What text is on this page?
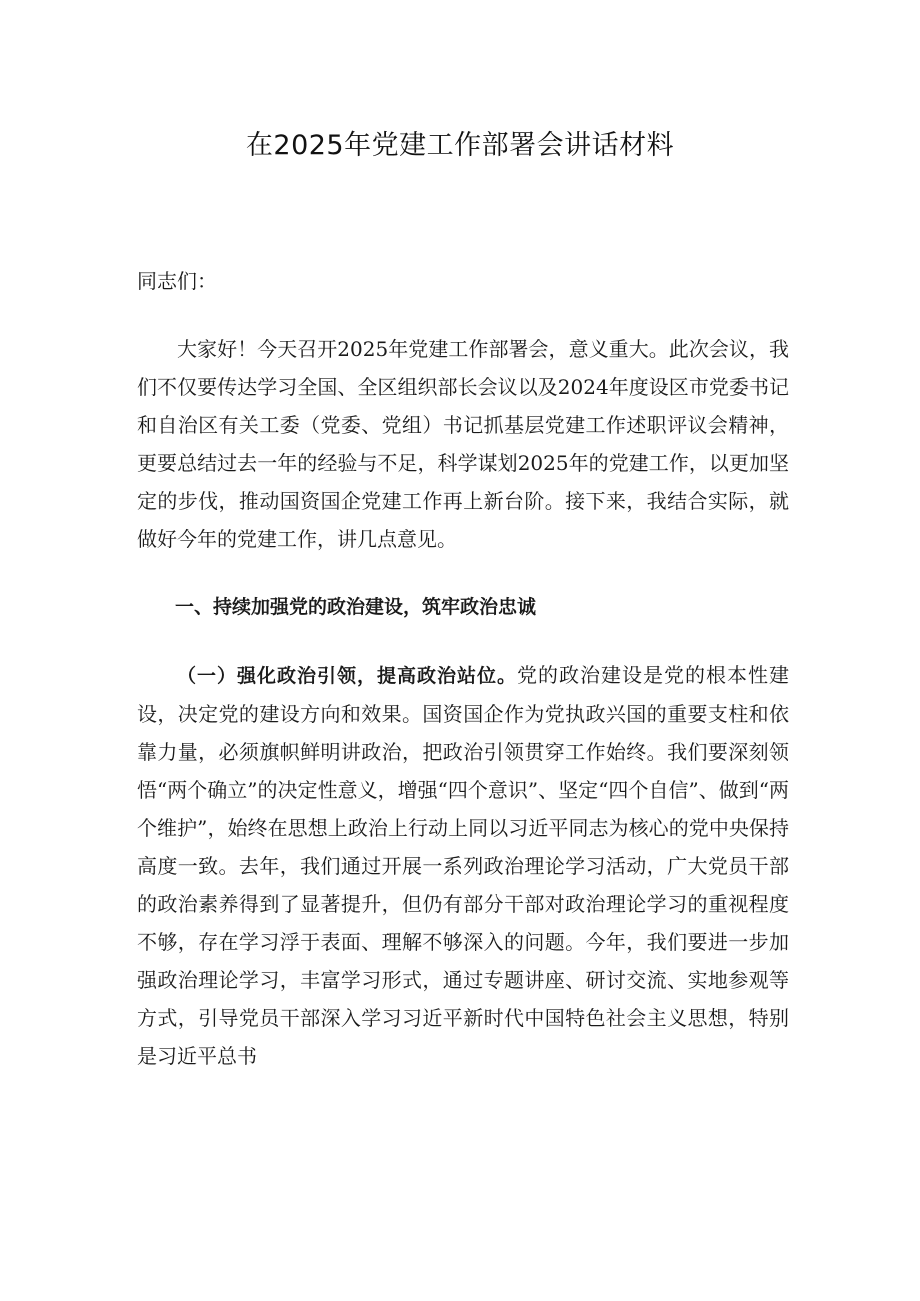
在2025年党建工作部署会讲话材料

同志们：

大家好！今天召开2025年党建工作部署会，意义重大。此次会议，我们不仅要传达学习全国、全区组织部长会议以及2024年度设区市党委书记和自治区有关工委（党委、党组）书记抓基层党建工作述职评议会精神，更要总结过去一年的经验与不足，科学谋划2025年的党建工作，以更加坚定的步伐，推动国资国企党建工作再上新台阶。接下来，我结合实际，就做好今年的党建工作，讲几点意见。

一、持续加强党的政治建设，筑牢政治忠诚

（一）强化政治引领，提高政治站位。党的政治建设是党的根本性建设，决定党的建设方向和效果。国资国企作为党执政兴国的重要支柱和依靠力量，必须旗帜鲜明讲政治，把政治引领贯穿工作始终。我们要深刻领悟“两个确立”的决定性意义，增强“四个意识”、坚定“四个自信”、做到“两个维护”，始终在思想上政治上行动上同以习近平同志为核心的党中央保持高度一致。去年，我们通过开展一系列政治理论学习活动，广大党员干部的政治素养得到了显著提升，但仍有部分干部对政治理论学习的重视程度不够，存在学习浮于表面、理解不够深入的问题。今年，我们要进一步加强政治理论学习，丰富学习形式，通过专题讲座、研讨交流、实地参观等方式，引导党员干部深入学习习近平新时代中国特色社会主义思想，特别是习近平总书
